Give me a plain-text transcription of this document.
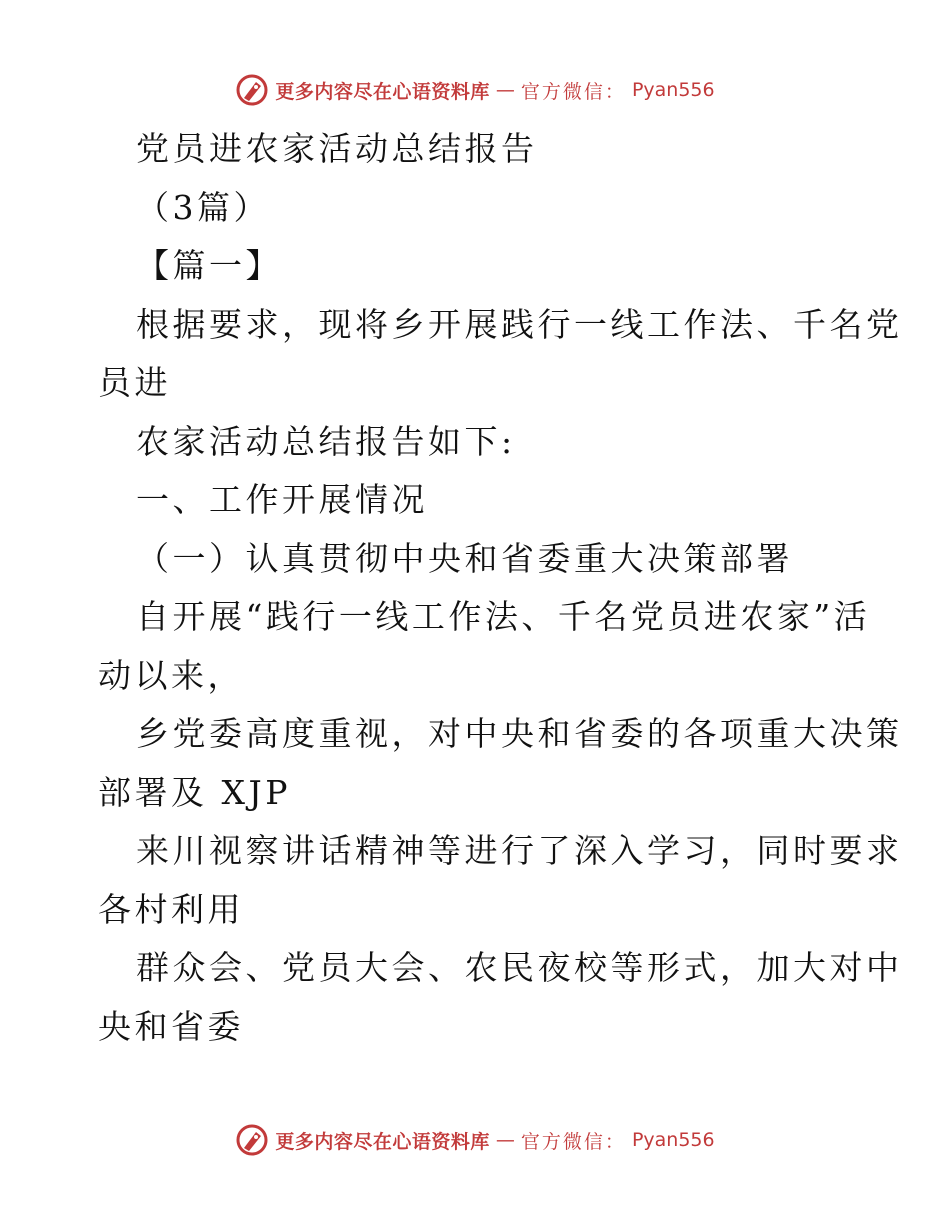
更多内容尽在心语资料库 — 官方微信： Pyan556
党员进农家活动总结报告
（3篇）
【篇一】
根据要求，现将乡开展践行一线工作法、千名党
员进
农家活动总结报告如下:
一、工作开展情况
（一）认真贯彻中央和省委重大决策部署
自开展“践行一线工作法、千名党员进农家”活
动以来，
乡党委高度重视，对中央和省委的各项重大决策
部署及 XJP
来川视察讲话精神等进行了深入学习，同时要求
各村利用
群众会、党员大会、农民夜校等形式，加大对中
央和省委
更多内容尽在心语资料库 — 官方微信： Pyan556
